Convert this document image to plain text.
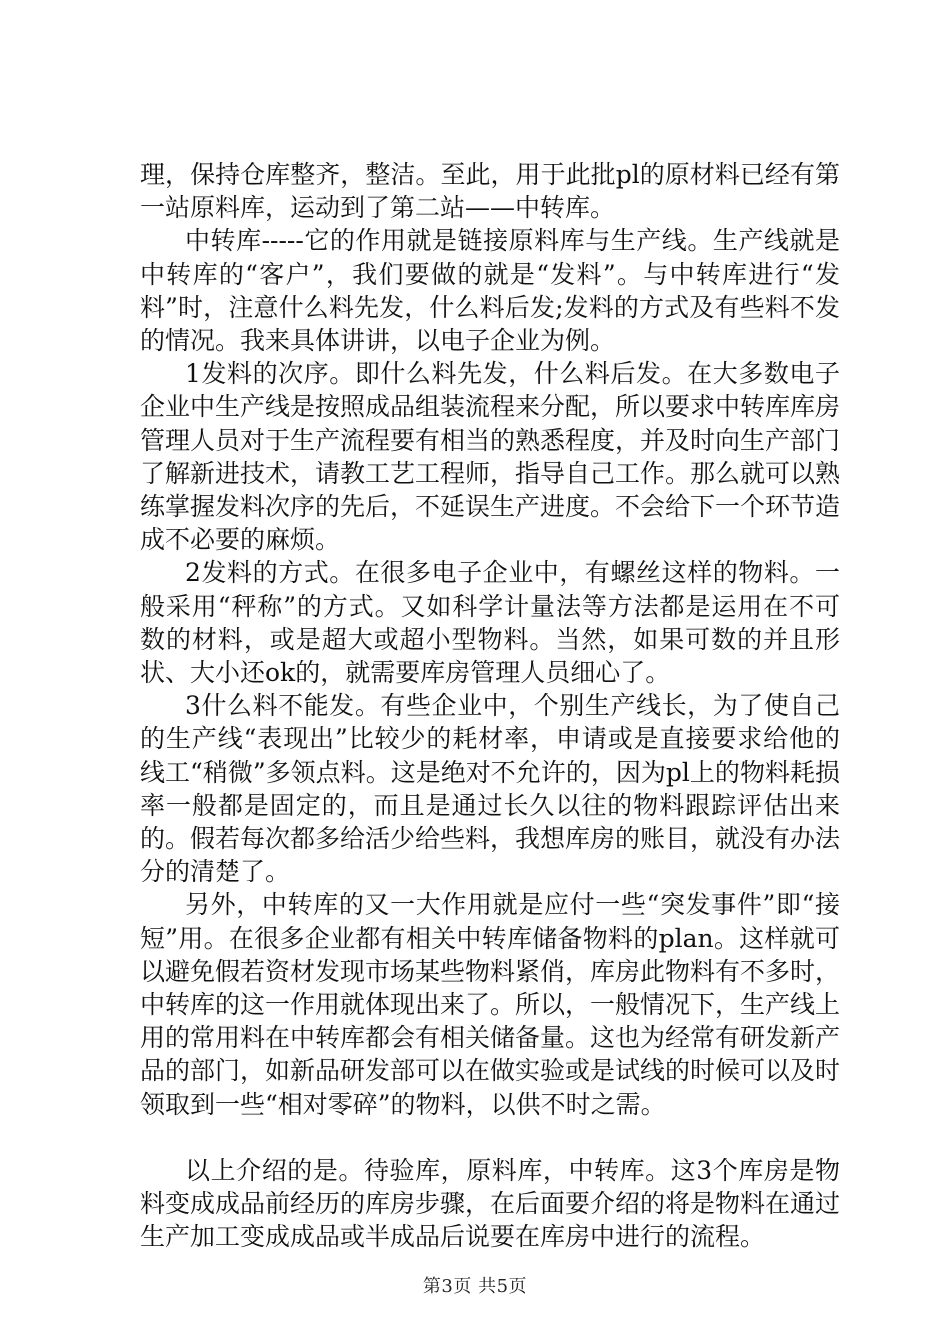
理，保持仓库整齐，整洁。至此，用于此批pl的原材料已经有第一站原料库，运动到了第二站——中转库。

中转库-----它的作用就是链接原料库与生产线。生产线就是中转库的“客户”，我们要做的就是“发料”。与中转库进行“发料”时，注意什么料先发，什么料后发;发料的方式及有些料不发的情况。我来具体讲讲，以电子企业为例。

1发料的次序。即什么料先发，什么料后发。在大多数电子企业中生产线是按照成品组装流程来分配，所以要求中转库库房管理人员对于生产流程要有相当的熟悉程度，并及时向生产部门了解新进技术，请教工艺工程师，指导自己工作。那么就可以熟练掌握发料次序的先后，不延误生产进度。不会给下一个环节造成不必要的麻烦。

2发料的方式。在很多电子企业中，有螺丝这样的物料。一般采用“秤称”的方式。又如科学计量法等方法都是运用在不可数的材料，或是超大或超小型物料。当然，如果可数的并且形状、大小还ok的，就需要库房管理人员细心了。

3什么料不能发。有些企业中，个别生产线长，为了使自己的生产线“表现出”比较少的耗材率，申请或是直接要求给他的线工“稍微”多领点料。这是绝对不允许的，因为pl上的物料耗损率一般都是固定的，而且是通过长久以往的物料跟踪评估出来的。假若每次都多给活少给些料，我想库房的账目，就没有办法分的清楚了。

另外，中转库的又一大作用就是应付一些“突发事件”即“接短”用。在很多企业都有相关中转库储备物料的plan。这样就可以避免假若资材发现市场某些物料紧俏，库房此物料有不多时，中转库的这一作用就体现出来了。所以，一般情况下，生产线上用的常用料在中转库都会有相关储备量。这也为经常有研发新产品的部门，如新品研发部可以在做实验或是试线的时候可以及时领取到一些“相对零碎”的物料，以供不时之需。

以上介绍的是。待验库，原料库，中转库。这3个库房是物料变成成品前经历的库房步骤，在后面要介绍的将是物料在通过生产加工变成成品或半成品后说要在库房中进行的流程。

第3页 共5页
